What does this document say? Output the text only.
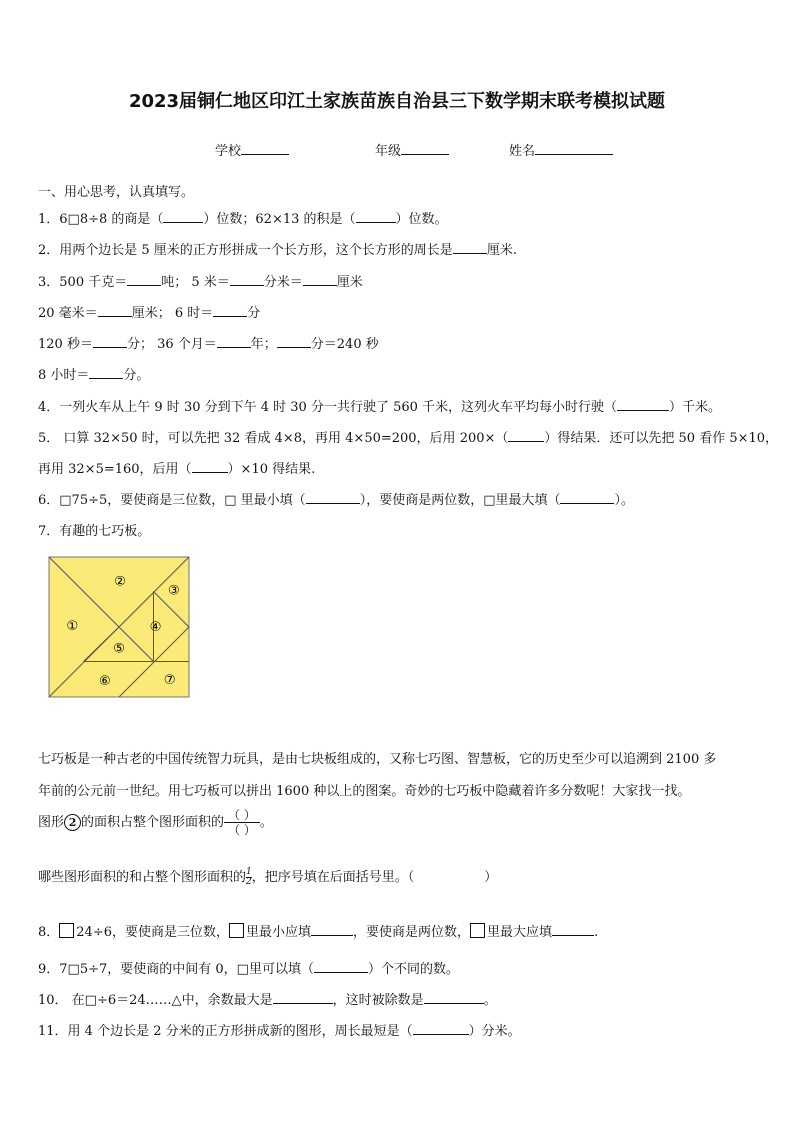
2023届铜仁地区印江土家族苗族自治县三下数学期末联考模拟试题
学校	年级	姓名
一、用心思考，认真填写。
1．6□8÷8 的商是（	）位数；62×13 的积是（	）位数。
2．用两个边长是 5 厘米的正方形拼成一个长方形，这个长方形的周长是	厘米.
3．500 千克＝	吨； 5 米＝	分米＝	厘米
20 毫米＝	厘米； 6 时＝	分
120 秒＝	分； 36 个月＝	年；	分＝240 秒
8 小时＝	分。
4．一列火车从上午 9 时 30 分到下午 4 时 30 分一共行驶了 560 千米，这列火车平均每小时行驶（	）千米。
5． 口算 32×50 时，可以先把 32 看成 4×8，再用 4×50=200，后用 200×（	）得结果．还可以先把 50 看作 5×10，
再用 32×5=160，后用（	）×10 得结果.
6．□75÷5，要使商是三位数，□ 里最小填（	），要使商是两位数，□里最大填（	）。
7．有趣的七巧板。
①
②
③
④
⑤
⑥	⑦
七巧板是一种古老的中国传统智力玩具，是由七块板组成的，又称七巧图、智慧板，它的历史至少可以追溯到 2100 多
年前的公元前一世纪。用七巧板可以拼出 1600 种以上的图案。奇妙的七巧板中隐藏着许多分数呢！大家找一找。
图形 2 的面积占整个图形面积的 $\frac{( )}{( )}$ 。
哪些图形面积的和占整个图形面积的 $\frac{1}{2}$，把序号填在后面括号里。（	）
8． 24÷6，要使商是三位数， 里最小应填	，要使商是两位数， 里最大应填	.
9．7□5÷7，要使商的中间有 0，□里可以填（	）个不同的数。
10． 在□÷6＝24……△中，余数最大是	，这时被除数是	。
11．用 4 个边长是 2 分米的正方形拼成新的图形，周长最短是（	）分米。
